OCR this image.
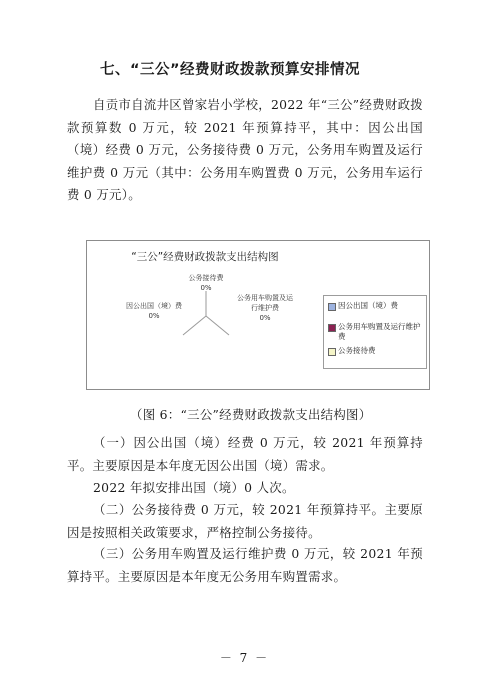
七、“三公”经费财政拨款预算安排情况

自贡市自流井区曾家岩小学校，2022 年“三公”经费财政拨款预算数 0 万元，较 2021 年预算持平，其中：因公出国（境）经费 0 万元，公务接待费 0 万元，公务用车购置及运行维护费 0 万元（其中：公务用车购置费 0 万元，公务用车运行费 0 万元）。

“三公”经费财政拨款支出结构图
公务接待费
0%
因公出国（境）费
0%
公务用车购置及运
行维护费
0%
因公出国（境）费
公务用车购置及运行维护费
公务接待费
（图 6：“三公”经费财政拨款支出结构图）

（一）因公出国（境）经费 0 万元，较 2021 年预算持平。主要原因是本年度无因公出国（境）需求。

2022 年拟安排出国（境）0 人次。

（二）公务接待费 0 万元，较 2021 年预算持平。主要原因是按照相关政策要求，严格控制公务接待。

（三）公务用车购置及运行维护费 0 万元，较 2021 年预算持平。主要原因是本年度无公务用车购置需求。

－ 7 －
